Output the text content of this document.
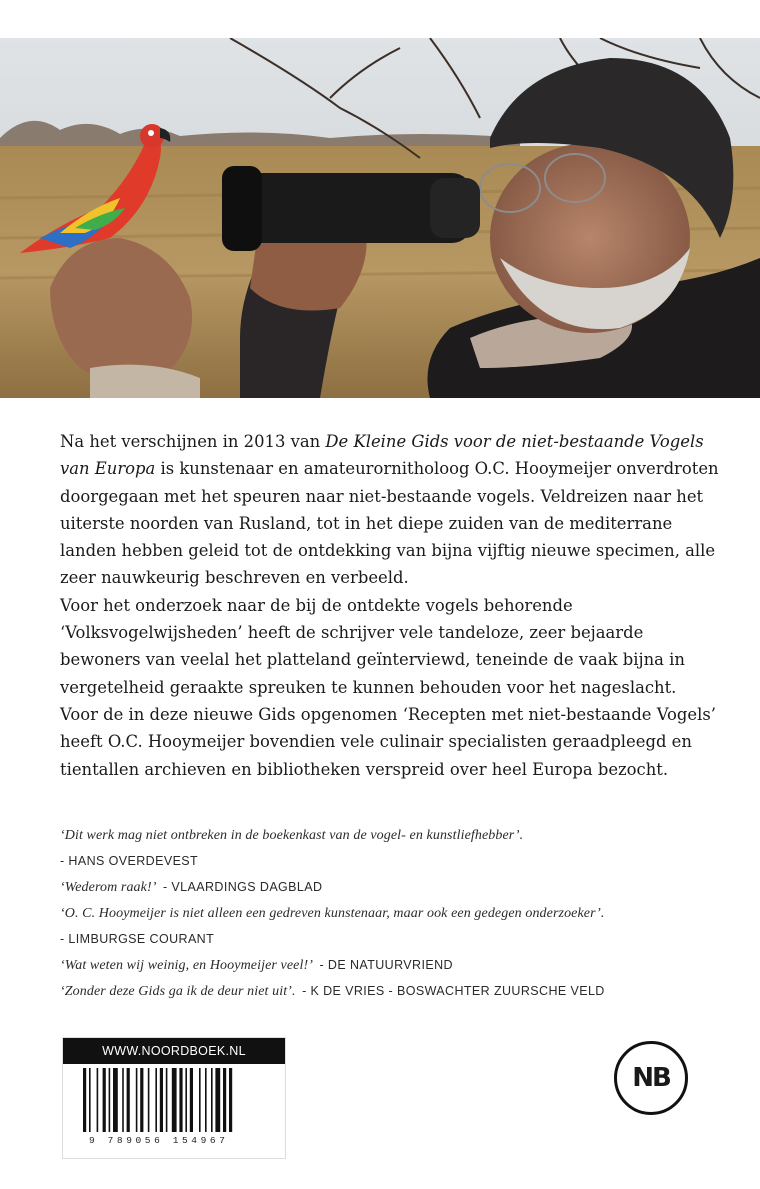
Na het verschijnen in 2013 van De Kleine Gids voor de niet-bestaande Vogels van Europa is kunstenaar en amateurornitholoog O.C. Hooymeijer onverdroten doorgegaan met het speuren naar niet-bestaande vogels. Veldreizen naar het uiterste noorden van Rusland, tot in het diepe zuiden van de mediterrane landen hebben geleid tot de ontdekking van bijna vijftig nieuwe specimen, alle zeer nauwkeurig beschreven en verbeeld.

Voor het onderzoek naar de bij de ontdekte vogels behorende ‘Volksvogelwijsheden’ heeft de schrijver vele tandeloze, zeer bejaarde bewoners van veelal het platteland geïnterviewd, teneinde de vaak bijna in vergetelheid geraakte spreuken te kunnen behouden voor het nageslacht.

Voor de in deze nieuwe Gids opgenomen ‘Recepten met niet-bestaande Vogels’ heeft O.C. Hooymeijer bovendien vele culinair specialisten geraadpleegd en tientallen archieven en bibliotheken verspreid over heel Europa bezocht.

‘Dit werk mag niet ontbreken in de boekenkast van de vogel- en kunstliefhebber’.
- HANS OVERDEVEST
‘Wederom raak!’ - VLAARDINGS DAGBLAD
‘O. C. Hooymeijer is niet alleen een gedreven kunstenaar, maar ook een gedegen onderzoeker’.
- LIMBURGSE COURANT
‘Wat weten wij weinig, en Hooymeijer veel!’ - DE NATUURVRIEND
‘Zonder deze Gids ga ik de deur niet uit’. - K DE VRIES - BOSWACHTER ZUURSCHE VELD
WWW.NOORDBOEK.NL
9 789056 154967
NB
